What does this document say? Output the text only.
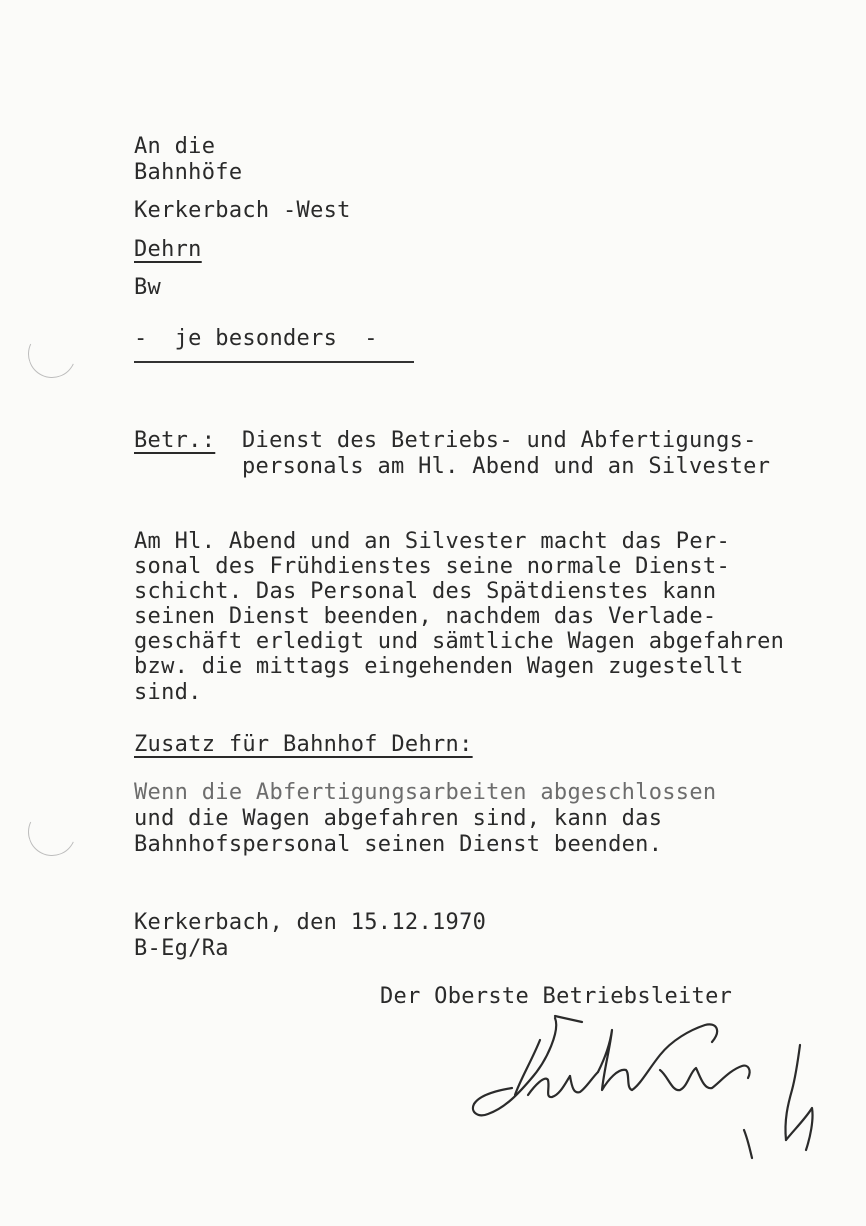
An die
Bahnhöfe
Kerkerbach -West
Dehrn
Bw
-  je besonders  -
Betr.: Dienst des Betriebs- und Abfertigungs-
personals am Hl. Abend und an Silvester
Am Hl. Abend und an Silvester macht das Per-
sonal des Frühdienstes seine normale Dienst-
schicht. Das Personal des Spätdienstes kann
seinen Dienst beenden, nachdem das Verlade-
geschäft erledigt und sämtliche Wagen abgefahren
bzw. die mittags eingehenden Wagen zugestellt
sind.
Zusatz für Bahnhof Dehrn:
Wenn die Abfertigungsarbeiten abgeschlossen
und die Wagen abgefahren sind, kann das
Bahnhofspersonal seinen Dienst beenden.
Kerkerbach, den 15.12.1970
B-Eg/Ra
Der Oberste Betriebsleiter
